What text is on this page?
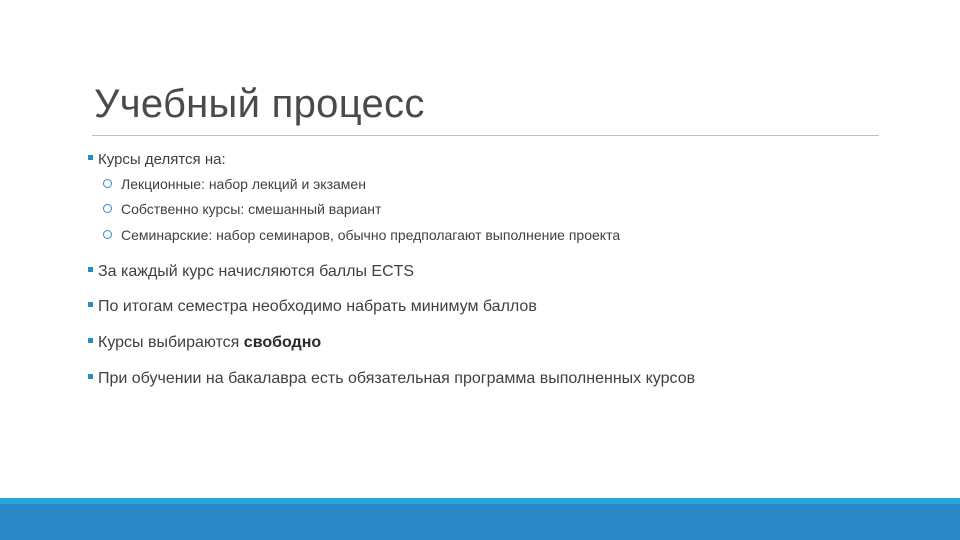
Учебный процесс
Курсы делятся на:
Лекционные: набор лекций и экзамен
Собственно курсы: смешанный вариант
Семинарские: набор семинаров, обычно предполагают выполнение проекта
За каждый курс начисляются баллы ECTS
По итогам семестра необходимо набрать минимум баллов
Курсы выбираются свободно
При обучении на бакалавра есть обязательная программа выполненных курсов
